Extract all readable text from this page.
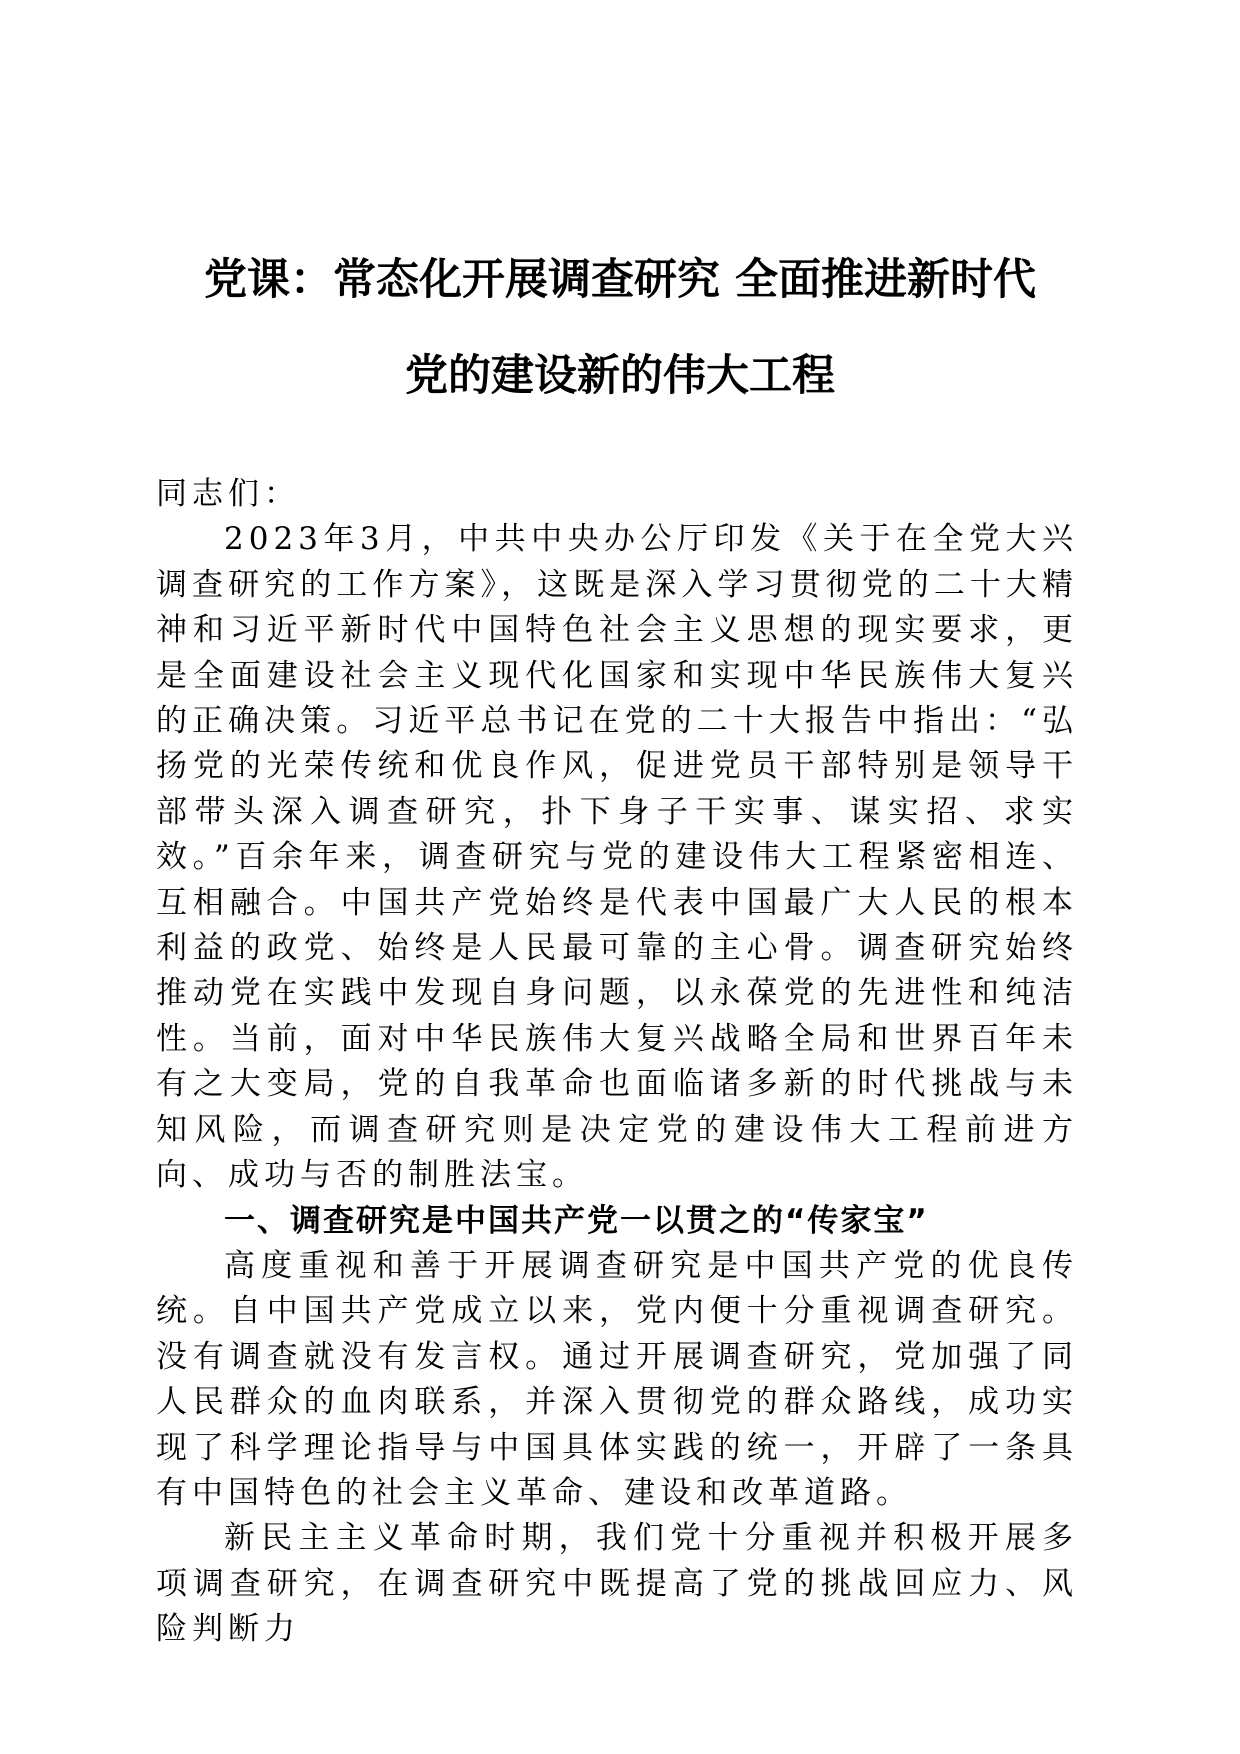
党课：常态化开展调查研究 全面推进新时代
党的建设新的伟大工程

同志们：

2023年3月，中共中央办公厅印发《关于在全党大兴调查研究的工作方案》，这既是深入学习贯彻党的二十大精神和习近平新时代中国特色社会主义思想的现实要求，更是全面建设社会主义现代化国家和实现中华民族伟大复兴的正确决策。习近平总书记在党的二十大报告中指出：“弘扬党的光荣传统和优良作风，促进党员干部特别是领导干部带头深入调查研究，扑下身子干实事、谋实招、求实效。”百余年来，调查研究与党的建设伟大工程紧密相连、互相融合。中国共产党始终是代表中国最广大人民的根本利益的政党、始终是人民最可靠的主心骨。调查研究始终推动党在实践中发现自身问题，以永葆党的先进性和纯洁性。当前，面对中华民族伟大复兴战略全局和世界百年未有之大变局，党的自我革命也面临诸多新的时代挑战与未知风险，而调查研究则是决定党的建设伟大工程前进方向、成功与否的制胜法宝。

一、调查研究是中国共产党一以贯之的“传家宝”

高度重视和善于开展调查研究是中国共产党的优良传统。自中国共产党成立以来，党内便十分重视调查研究。没有调查就没有发言权。通过开展调查研究，党加强了同人民群众的血肉联系，并深入贯彻党的群众路线，成功实现了科学理论指导与中国具体实践的统一，开辟了一条具有中国特色的社会主义革命、建设和改革道路。

新民主主义革命时期，我们党十分重视并积极开展多项调查研究，在调查研究中既提高了党的挑战回应力、风险判断力
